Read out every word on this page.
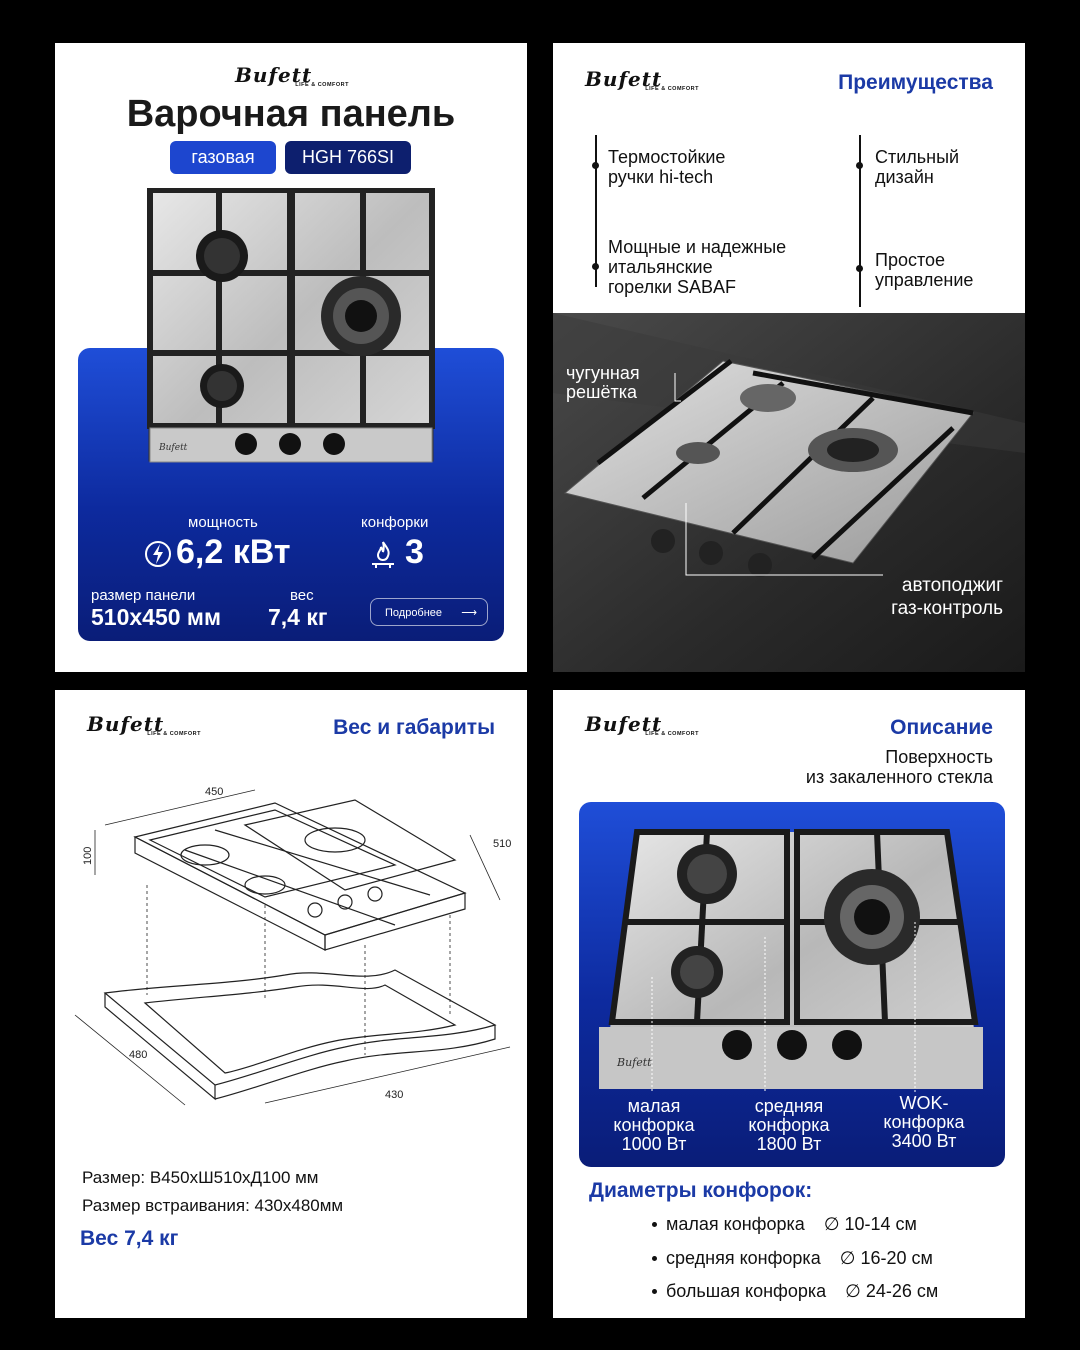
Bufett
LIFE & COMFORT
Варочная панель
газовая	HGH 766SI
мощность
6,2 кВт
конфорки
3
размер панели
510х450 мм
вес
7,4 кг	Подробнее ⟶
Bufett
Bufett
LIFE & COMFORT	Преимущества
Термостойкие
ручки hi-tech
Мощные и надежные
итальянские
горелки SABAF
Стильный
дизайн
Простое
управление
чугунная
решётка
автоподжиг
газ-контроль
Bufett
LIFE & COMFORT	Вес и габариты
450
510
100
480
430
Размер: В450хШ510хД100 мм
Размер встраивания: 430х480мм
Вес 7,4 кг
Bufett
LIFE & COMFORT	Описание
Поверхность
из закаленного стекла
Bufett
малая
конфорка
1000 Вт
средняя
конфорка
1800 Вт
WOK-
конфорка
3400 Вт
Диаметры конфорок:
малая конфорка ∅ 10-14 см
средняя конфорка ∅ 16-20 см
большая конфорка ∅ 24-26 см
